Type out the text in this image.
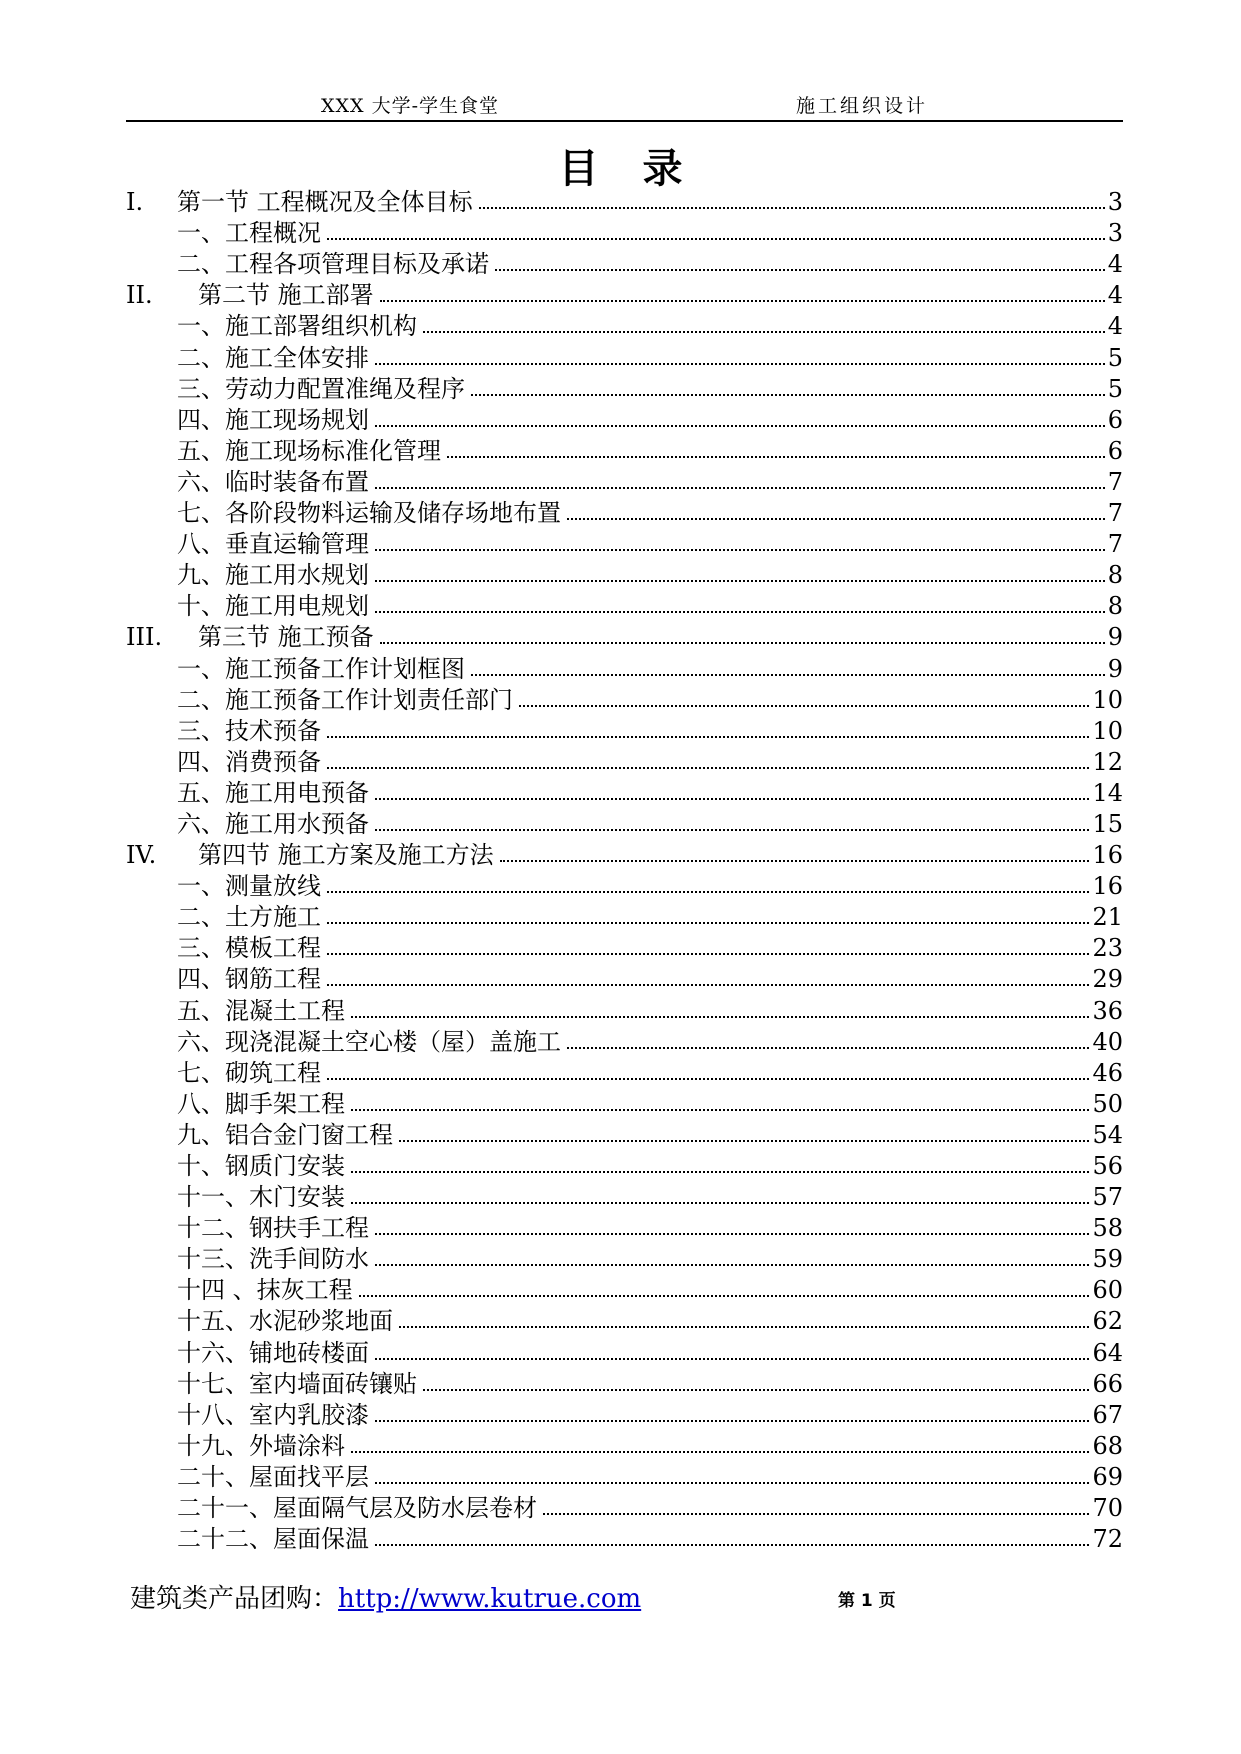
XXX 大学-学生食堂	施工组织设计
目录
I.	第一节 工程概况及全体目标	3
一、工程概况	3
二、工程各项管理目标及承诺	4
II.	第二节 施工部署	4
一、施工部署组织机构	4
二、施工全体安排	5
三、劳动力配置准绳及程序	5
四、施工现场规划	6
五、施工现场标准化管理	6
六、临时装备布置	7
七、各阶段物料运输及储存场地布置	7
八、垂直运输管理	7
九、施工用水规划	8
十、施工用电规划	8
III.	第三节 施工预备	9
一、施工预备工作计划框图	9
二、施工预备工作计划责任部门	10
三、技术预备	10
四、消费预备	12
五、施工用电预备	14
六、施工用水预备	15
IV.	第四节 施工方案及施工方法	16
一、测量放线	16
二、土方施工	21
三、模板工程	23
四、钢筋工程	29
五、混凝土工程	36
六、现浇混凝土空心楼（屋）盖施工	40
七、砌筑工程	46
八、脚手架工程	50
九、铝合金门窗工程	54
十、钢质门安装	56
十一、木门安装	57
十二、钢扶手工程	58
十三、洗手间防水	59
十四 、抹灰工程	60
十五、水泥砂浆地面	62
十六、铺地砖楼面	64
十七、室内墙面砖镶贴	66
十八、室内乳胶漆	67
十九、外墙涂料	68
二十、屋面找平层	69
二十一、屋面隔气层及防水层卷材	70
二十二、屋面保温	72
建筑类产品团购：http://www.kutrue.com	第 1 页
